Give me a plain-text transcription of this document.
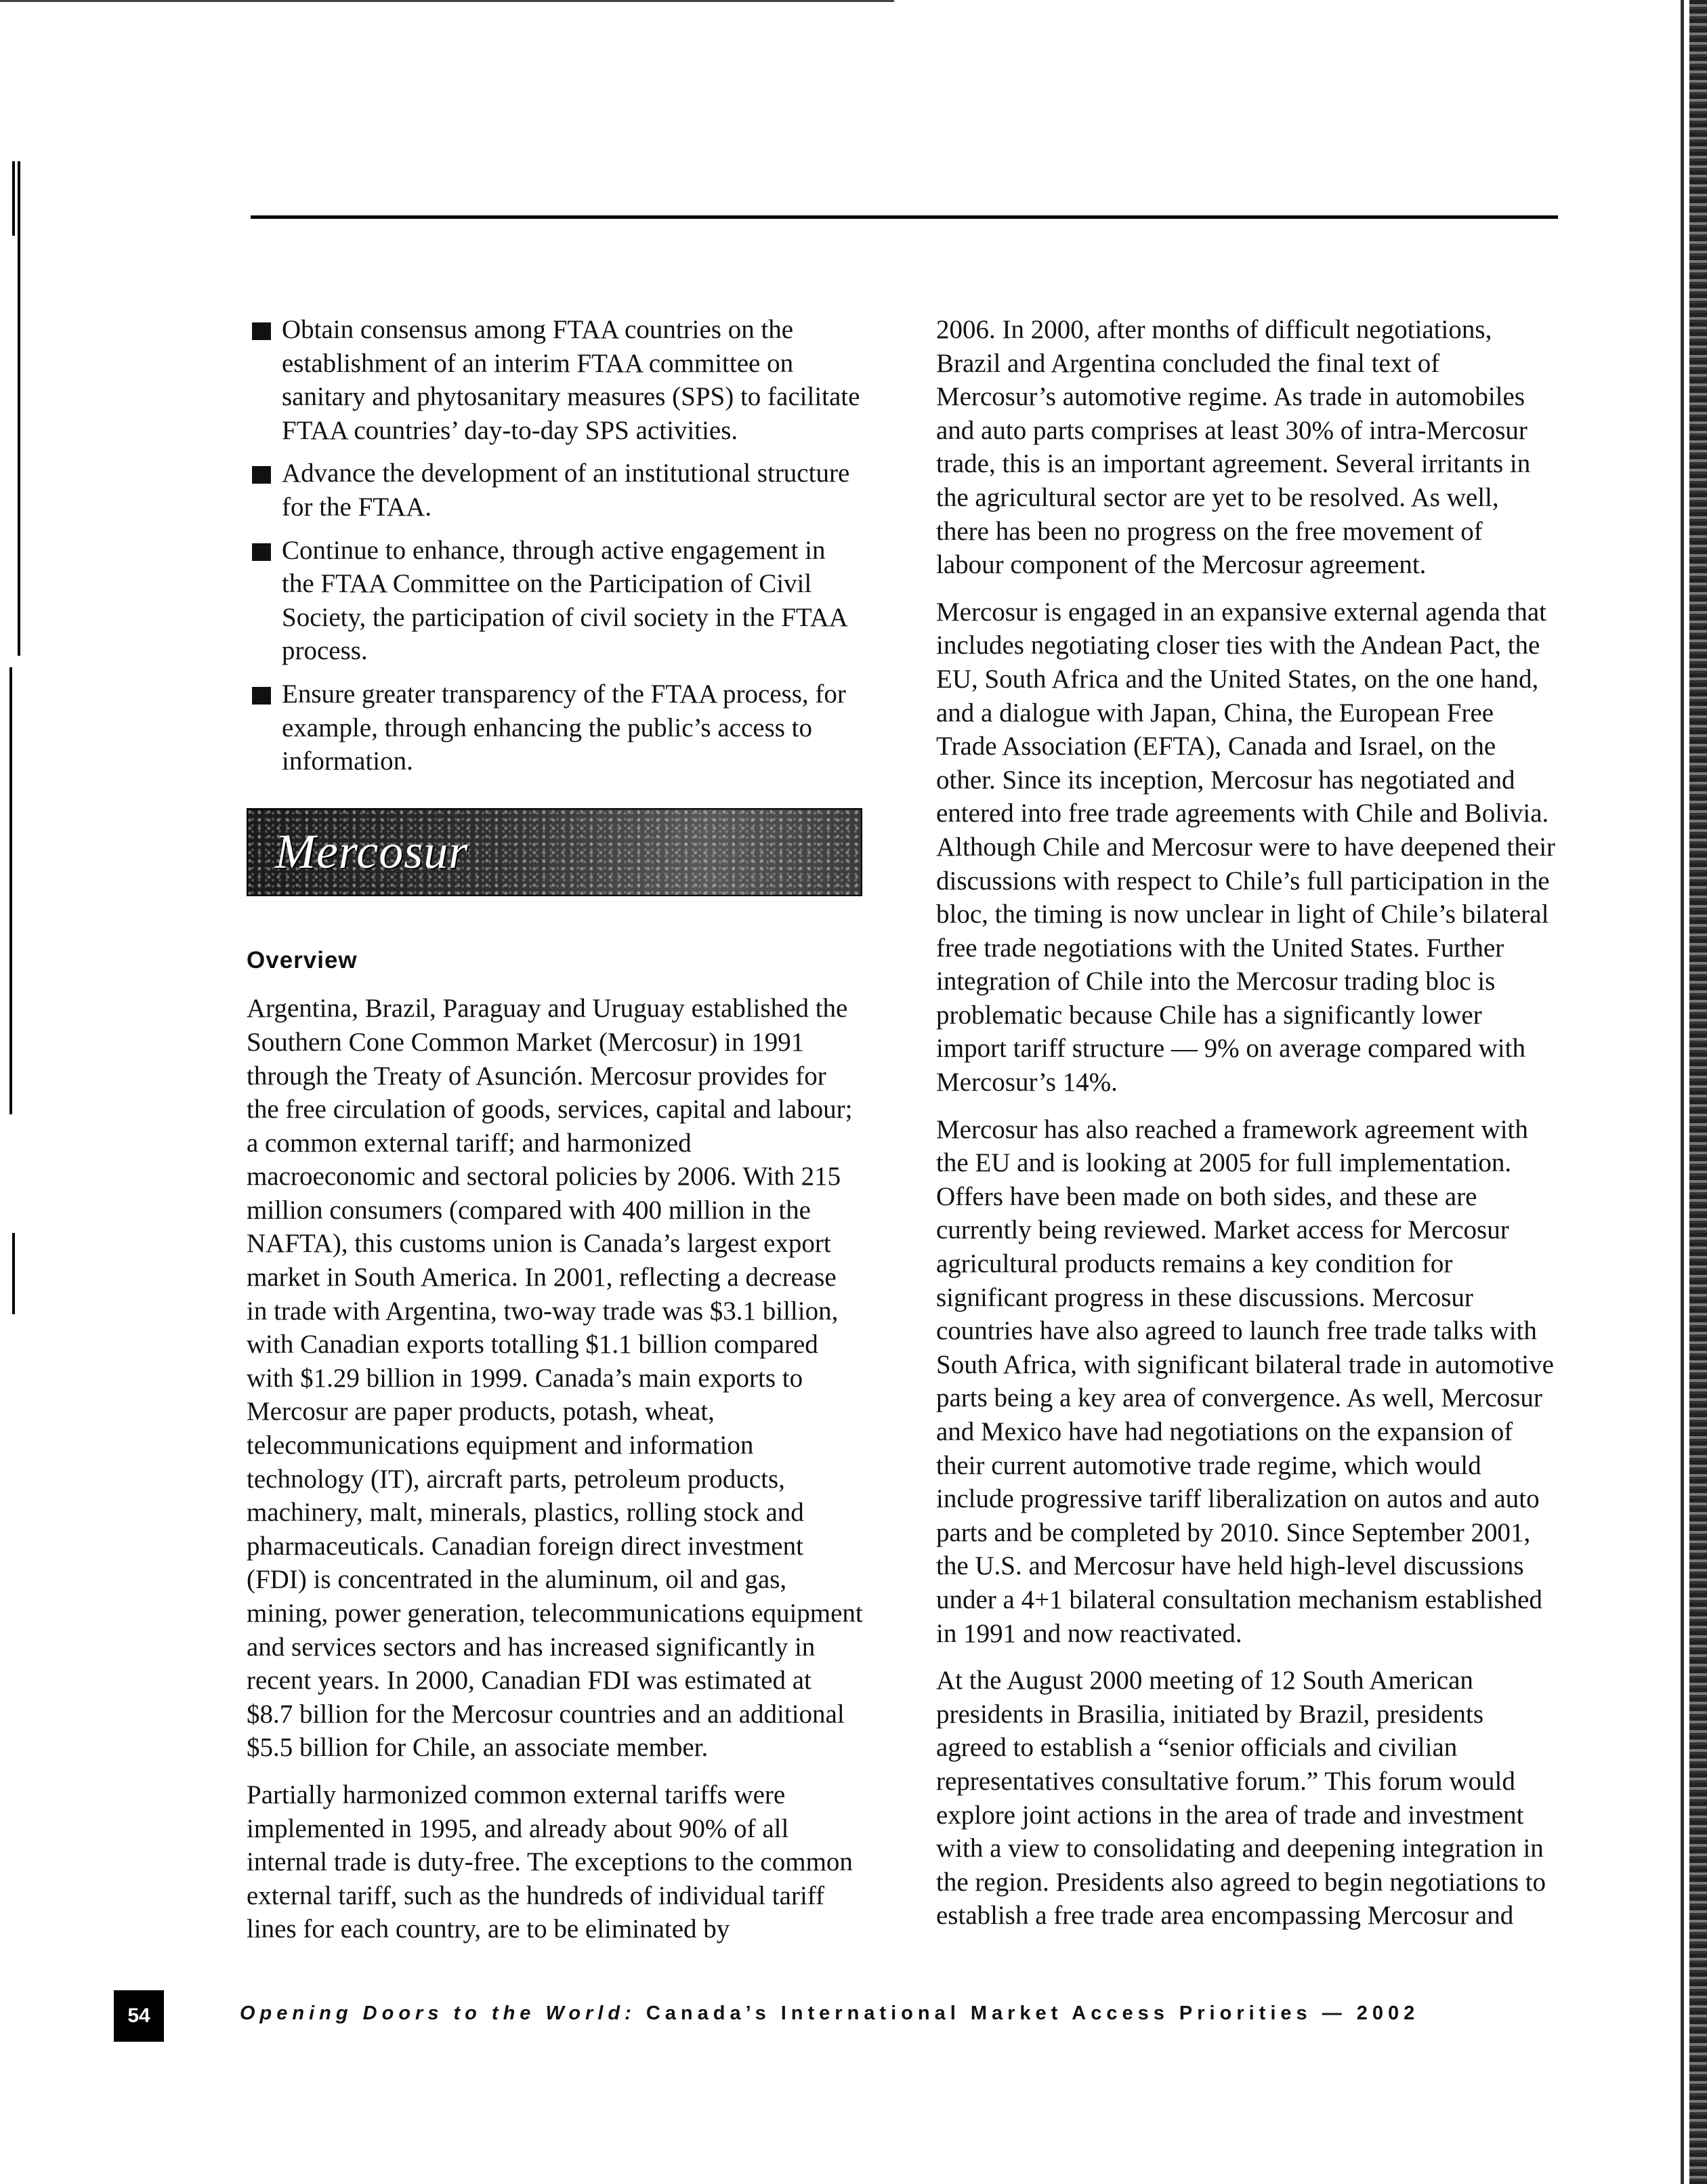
Obtain consensus among FTAA countries on the establishment of an interim FTAA committee on sanitary and phytosanitary measures (SPS) to facilitate FTAA countries’ day-to-day SPS activities.
Advance the development of an institutional structure for the FTAA.
Continue to enhance, through active engagement in the FTAA Committee on the Participation of Civil Society, the participation of civil society in the FTAA process.
Ensure greater transparency of the FTAA process, for example, through enhancing the public’s access to information.
Mercosur
Overview

Argentina, Brazil, Paraguay and Uruguay established the Southern Cone Common Market (Mercosur) in 1991 through the Treaty of Asunción. Mercosur provides for the free circulation of goods, services, capital and labour; a common external tariff; and harmonized macroeconomic and sectoral policies by 2006. With 215 million consumers (compared with 400 million in the NAFTA), this customs union is Canada’s largest export market in South America. In 2001, reflecting a decrease in trade with Argentina, two-way trade was $3.1 billion, with Canadian exports totalling $1.1 billion compared with $1.29 billion in 1999. Canada’s main exports to Mercosur are paper products, potash, wheat, telecommunications equipment and information technology (IT), aircraft parts, petroleum products, machinery, malt, minerals, plastics, rolling stock and pharmaceuticals. Canadian foreign direct investment (FDI) is concentrated in the aluminum, oil and gas, mining, power generation, telecommunications equipment and services sectors and has increased significantly in recent years. In 2000, Canadian FDI was estimated at $8.7 billion for the Mercosur countries and an additional $5.5 billion for Chile, an associate member.

Partially harmonized common external tariffs were implemented in 1995, and already about 90% of all internal trade is duty-free. The exceptions to the common external tariff, such as the hundreds of individual tariff lines for each country, are to be eliminated by

2006. In 2000, after months of difficult negotiations, Brazil and Argentina concluded the final text of Mercosur’s automotive regime. As trade in automobiles and auto parts comprises at least 30% of intra-Mercosur trade, this is an important agreement. Several irritants in the agricultural sector are yet to be resolved. As well, there has been no progress on the free movement of labour component of the Mercosur agreement.

Mercosur is engaged in an expansive external agenda that includes negotiating closer ties with the Andean Pact, the EU, South Africa and the United States, on the one hand, and a dialogue with Japan, China, the European Free Trade Association (EFTA), Canada and Israel, on the other. Since its inception, Mercosur has negotiated and entered into free trade agreements with Chile and Bolivia. Although Chile and Mercosur were to have deepened their discussions with respect to Chile’s full participation in the bloc, the timing is now unclear in light of Chile’s bilateral free trade negotiations with the United States. Further integration of Chile into the Mercosur trading bloc is problematic because Chile has a significantly lower import tariff structure — 9% on average compared with Mercosur’s 14%.

Mercosur has also reached a framework agreement with the EU and is looking at 2005 for full implementation. Offers have been made on both sides, and these are currently being reviewed. Market access for Mercosur agricultural products remains a key condition for significant progress in these discussions. Mercosur countries have also agreed to launch free trade talks with South Africa, with significant bilateral trade in automotive parts being a key area of convergence. As well, Mercosur and Mexico have had negotiations on the expansion of their current automotive trade regime, which would include progressive tariff liberalization on autos and auto parts and be completed by 2010. Since September 2001, the U.S. and Mercosur have held high-level discussions under a 4+1 bilateral consultation mechanism established in 1991 and now reactivated.

At the August 2000 meeting of 12 South American presidents in Brasilia, initiated by Brazil, presidents agreed to establish a “senior officials and civilian representatives consultative forum.” This forum would explore joint actions in the area of trade and investment with a view to consolidating and deepening integration in the region. Presidents also agreed to begin negotiations to establish a free trade area encompassing Mercosur and

54	Opening Doors to the World: Canada’s International Market Access Priorities — 2002
